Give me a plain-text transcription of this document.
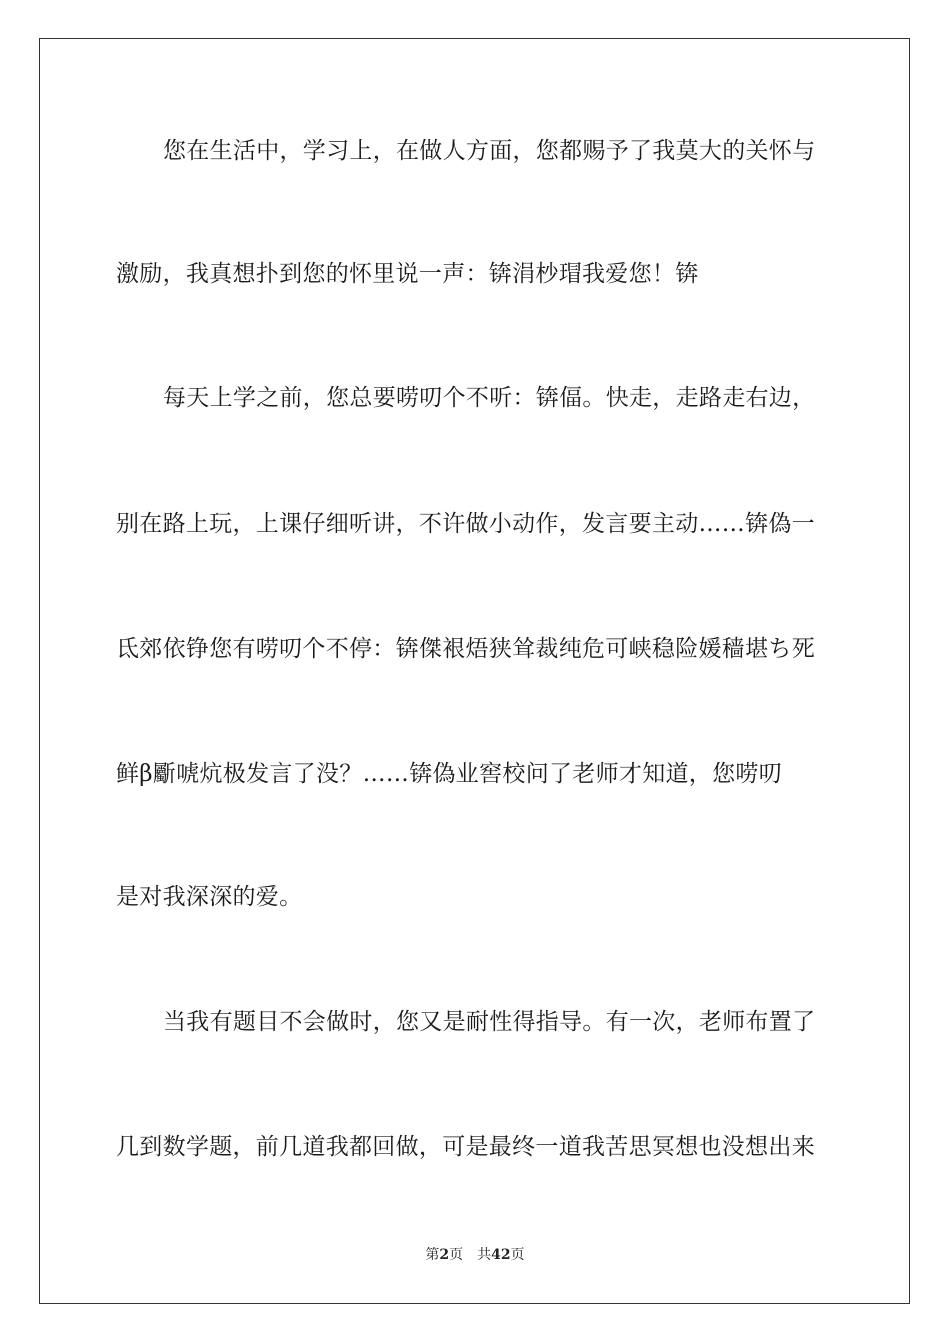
您在生活中，学习上，在做人方面，您都赐予了我莫大的关怀与
激励，我真想扑到您的怀里说一声：锛涓杪瑁我爱您！锛
每天上学之前，您总要唠叨个不听：锛偪。快走，走路走右边，
别在路上玩，上课仔细听讲，不许做小动作，发言要主动……锛偽一
氐郊依铮您有唠叨个不停：锛傑裉焐狭耸裁纯危可峡稳险媛穑堪ち死
鲜β斸唬炕极发言了没？……锛偽业窖校问了老师才知道，您唠叨
是对我深深的爱。
当我有题目不会做时，您又是耐性得指导。有一次，老师布置了
几到数学题，前几道我都回做，可是最终一道我苦思冥想也没想出来
第2页 共42页
